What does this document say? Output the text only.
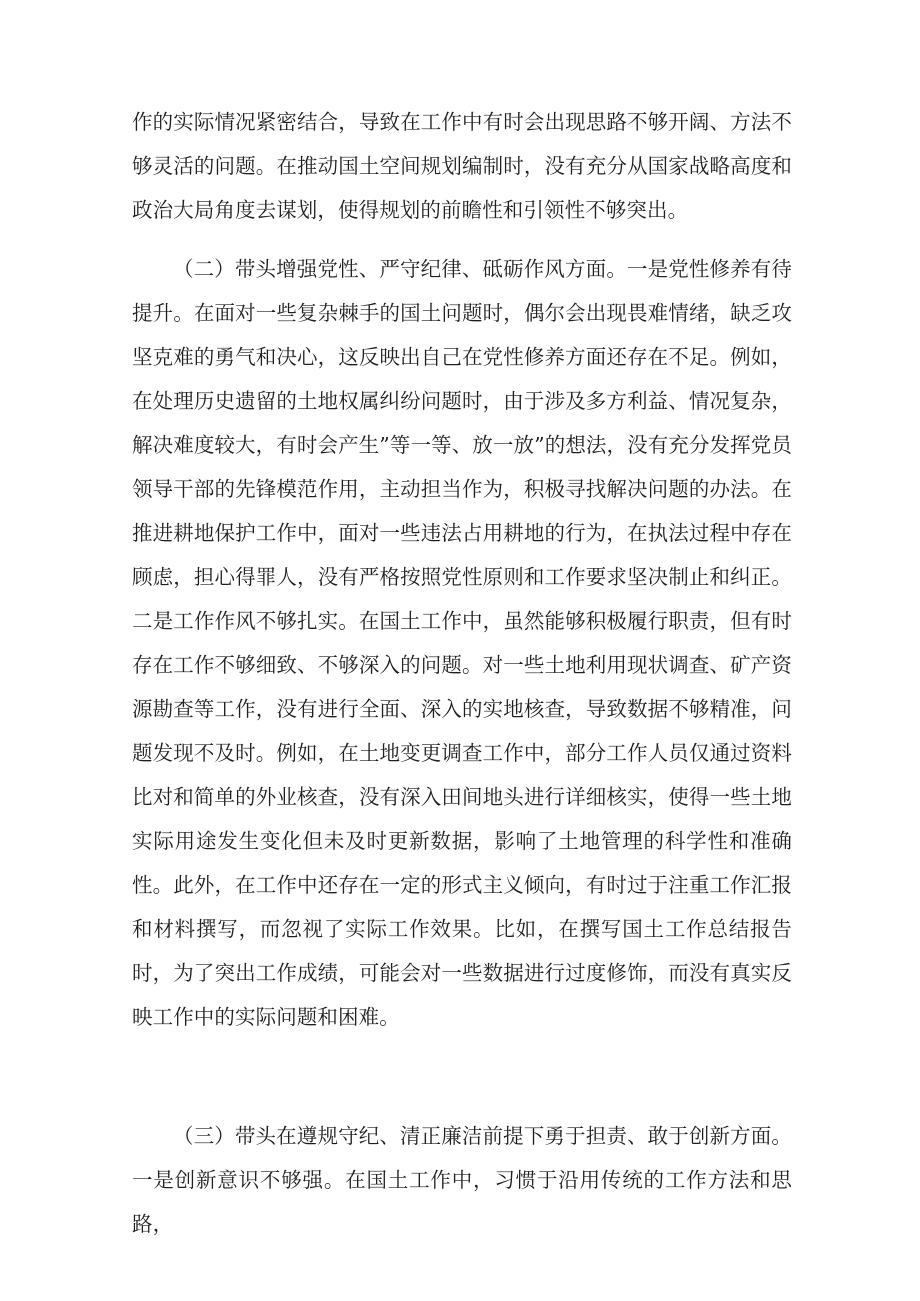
作的实际情况紧密结合，导致在工作中有时会出现思路不够开阔、方法不够灵活的问题。在推动国土空间规划编制时，没有充分从国家战略高度和政治大局角度去谋划，使得规划的前瞻性和引领性不够突出。

（二）带头增强党性、严守纪律、砥砺作风方面。一是党性修养有待提升。在面对一些复杂棘手的国土问题时，偶尔会出现畏难情绪，缺乏攻坚克难的勇气和决心，这反映出自己在党性修养方面还存在不足。例如，在处理历史遗留的土地权属纠纷问题时，由于涉及多方利益、情况复杂，解决难度较大，有时会产生”等一等、放一放”的想法，没有充分发挥党员领导干部的先锋模范作用，主动担当作为，积极寻找解决问题的办法。在推进耕地保护工作中，面对一些违法占用耕地的行为，在执法过程中存在顾虑，担心得罪人，没有严格按照党性原则和工作要求坚决制止和纠正。二是工作作风不够扎实。在国土工作中，虽然能够积极履行职责，但有时存在工作不够细致、不够深入的问题。对一些土地利用现状调查、矿产资源勘查等工作，没有进行全面、深入的实地核查，导致数据不够精准，问题发现不及时。例如，在土地变更调查工作中，部分工作人员仅通过资料比对和简单的外业核查，没有深入田间地头进行详细核实，使得一些土地实际用途发生变化但未及时更新数据，影响了土地管理的科学性和准确性。此外，在工作中还存在一定的形式主义倾向，有时过于注重工作汇报和材料撰写，而忽视了实际工作效果。比如，在撰写国土工作总结报告时，为了突出工作成绩，可能会对一些数据进行过度修饰，而没有真实反映工作中的实际问题和困难。

（三）带头在遵规守纪、清正廉洁前提下勇于担责、敢于创新方面。一是创新意识不够强。在国土工作中，习惯于沿用传统的工作方法和思路，
